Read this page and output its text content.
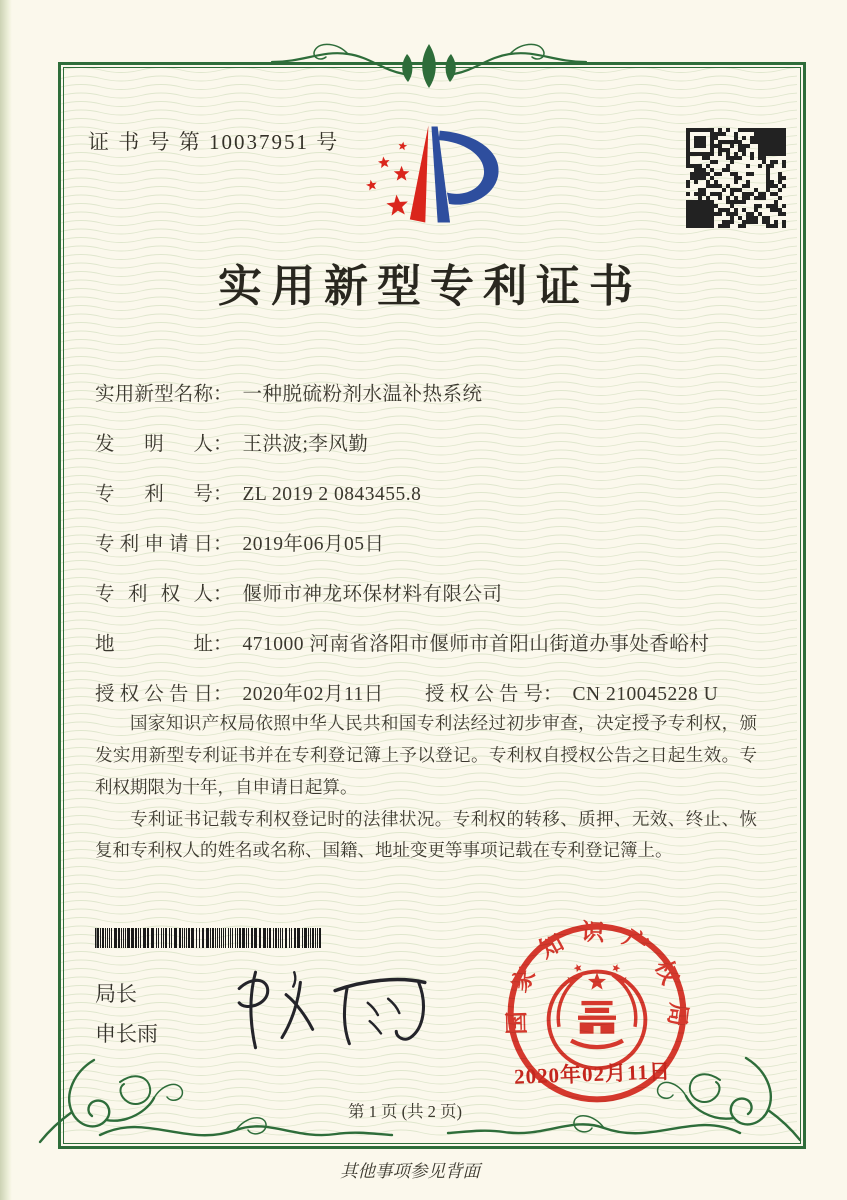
证 书 号 第 10037951 号
实用新型专利证书
实用新型名称： 一种脱硫粉剂水温补热系统
发明人： 王洪波;李风勤
专利号： ZL 2019 2 0843455.8
专利申请日： 2019年06月05日
专利权人： 偃师市神龙环保材料有限公司
地址： 471000 河南省洛阳市偃师市首阳山街道办事处香峪村
授权公告日： 2020年02月11日 授权公告号： CN 210045228 U

国家知识产权局依照中华人民共和国专利法经过初步审查，决定授予专利权，颁发实用新型专利证书并在专利登记簿上予以登记。专利权自授权公告之日起生效。专利权期限为十年，自申请日起算。

专利证书记载专利权登记时的法律状况。专利权的转移、质押、无效、终止、恢复和专利权人的姓名或名称、国籍、地址变更等事项记载在专利登记簿上。

局长
申长雨	国家知识产权局
2020年02月11日
第 1 页 (共 2 页)
其他事项参见背面
